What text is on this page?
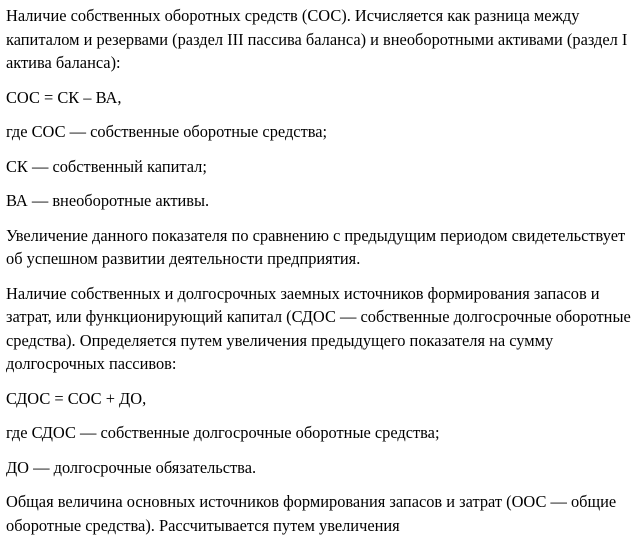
Наличие собственных оборотных средств (СОС). Исчисляется как разница между капиталом и резервами (раздел III пассива баланса) и внеоборотными активами (раздел I актива баланса):

СОС = СК – ВА,

где СОС — собственные оборотные средства;

СК — собственный капитал;

ВА — внеоборотные активы.

Увеличение данного показателя по сравнению с предыдущим периодом свидетельствует об успешном развитии деятельности предприятия.

Наличие собственных и долгосрочных заемных источников формирования запасов и затрат, или функционирующий капитал (СДОС — собственные долгосрочные оборотные средства). Определяется путем увеличения предыдущего показателя на сумму долгосрочных пассивов:

СДОС = СОС + ДО,

где СДОС — собственные долгосрочные оборотные средства;

ДО — долгосрочные обязательства.

Общая величина основных источников формирования запасов и затрат (ООС — общие оборотные средства). Рассчитывается путем увеличения
